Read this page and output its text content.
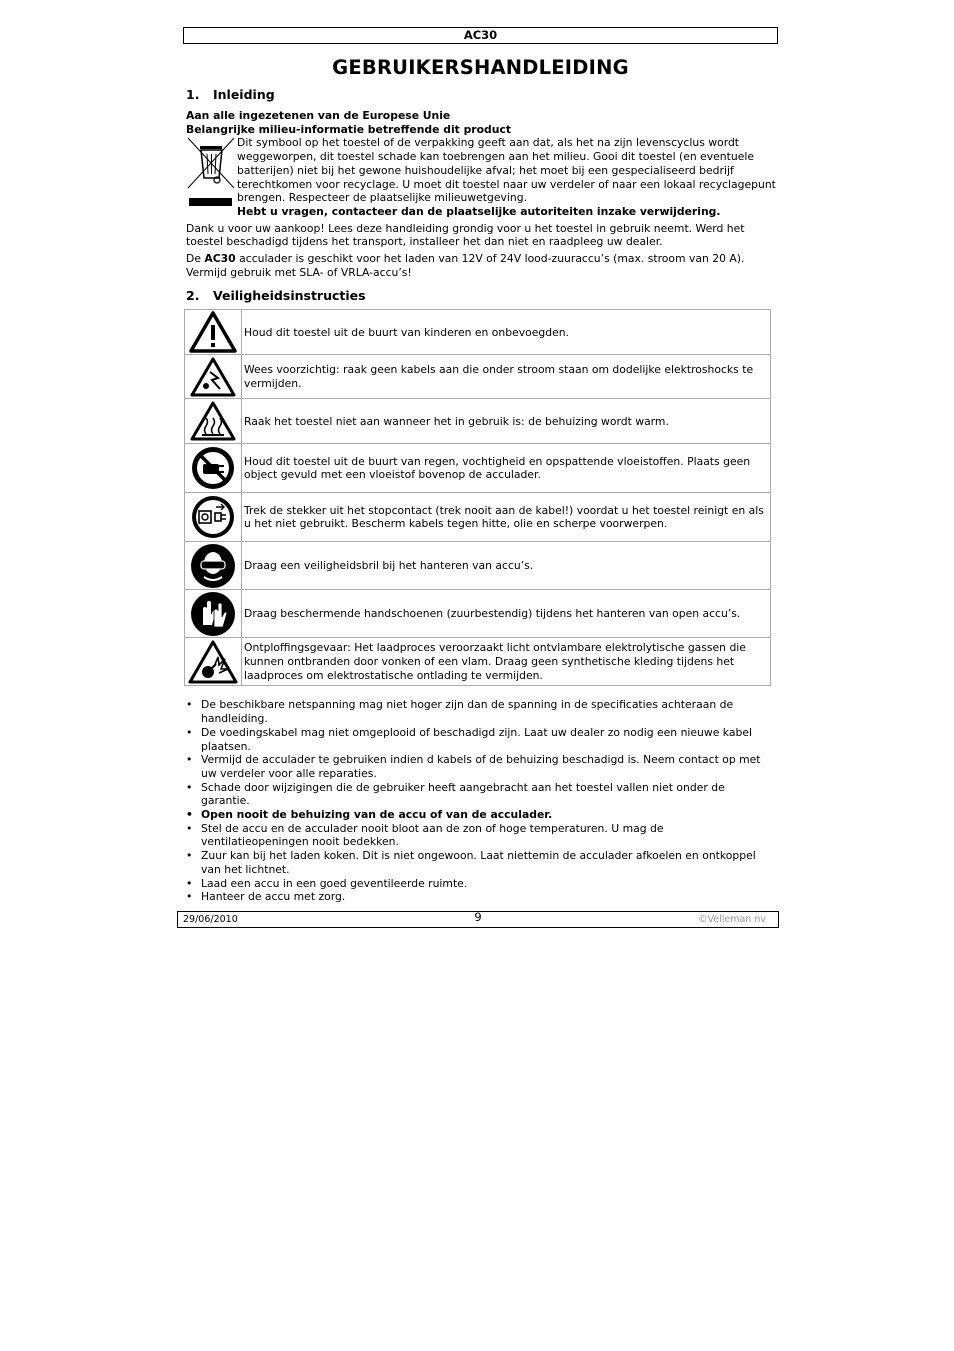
AC30
GEBRUIKERSHANDLEIDING
1. Inleiding
Aan alle ingezetenen van de Europese Unie
Belangrijke milieu-informatie betreffende dit product
Dit symbool op het toestel of de verpakking geeft aan dat, als het na zijn levenscyclus wordt weggeworpen, dit toestel schade kan toebrengen aan het milieu. Gooi dit toestel (en eventuele batterijen) niet bij het gewone huishoudelijke afval; het moet bij een gespecialiseerd bedrijf terechtkomen voor recyclage. U moet dit toestel naar uw verdeler of naar een lokaal recyclagepunt brengen. Respecteer de plaatselijke milieuwetgeving.
Hebt u vragen, contacteer dan de plaatselijke autoriteiten inzake verwijdering.
Dank u voor uw aankoop! Lees deze handleiding grondig voor u het toestel in gebruik neemt. Werd het toestel beschadigd tijdens het transport, installeer het dan niet en raadpleeg uw dealer.
De AC30 acculader is geschikt voor het laden van 12V of 24V lood-zuuraccu’s (max. stroom van 20 A). Vermijd gebruik met SLA- of VRLA-accu’s!
2. Veiligheidsinstructies
	Houd dit toestel uit de buurt van kinderen en onbevoegden.

	Wees voorzichtig: raak geen kabels aan die onder stroom staan om dodelijke elektroshocks te vermijden.

	Raak het toestel niet aan wanneer het in gebruik is: de behuizing wordt warm.

	Houd dit toestel uit de buurt van regen, vochtigheid en opspattende vloeistoffen. Plaats geen object gevuld met een vloeistof bovenop de acculader.

	Trek de stekker uit het stopcontact (trek nooit aan de kabel!) voordat u het toestel reinigt en als u het niet gebruikt. Bescherm kabels tegen hitte, olie en scherpe voorwerpen.

	Draag een veiligheidsbril bij het hanteren van accu’s.

	Draag beschermende handschoenen (zuurbestendig) tijdens het hanteren van open accu’s.

	Ontploffingsgevaar: Het laadproces veroorzaakt licht ontvlambare elektrolytische gassen die kunnen ontbranden door vonken of een vlam. Draag geen synthetische kleding tijdens het laadproces om elektrostatische ontlading te vermijden.
• De beschikbare netspanning mag niet hoger zijn dan de spanning in de specificaties achteraan de handleiding.
• De voedingskabel mag niet omgeplooid of beschadigd zijn. Laat uw dealer zo nodig een nieuwe kabel plaatsen.
• Vermijd de acculader te gebruiken indien d kabels of de behuizing beschadigd is. Neem contact op met uw verdeler voor alle reparaties.
• Schade door wijzigingen die de gebruiker heeft aangebracht aan het toestel vallen niet onder de garantie.
• Open nooit de behuizing van de accu of van de acculader.
• Stel de accu en de acculader nooit bloot aan de zon of hoge temperaturen. U mag de ventilatieopeningen nooit bedekken.
• Zuur kan bij het laden koken. Dit is niet ongewoon. Laat niettemin de acculader afkoelen en ontkoppel van het lichtnet.
• Laad een accu in een goed geventileerde ruimte.
• Hanteer de accu met zorg.
29/06/2010	9	©Velleman nv
